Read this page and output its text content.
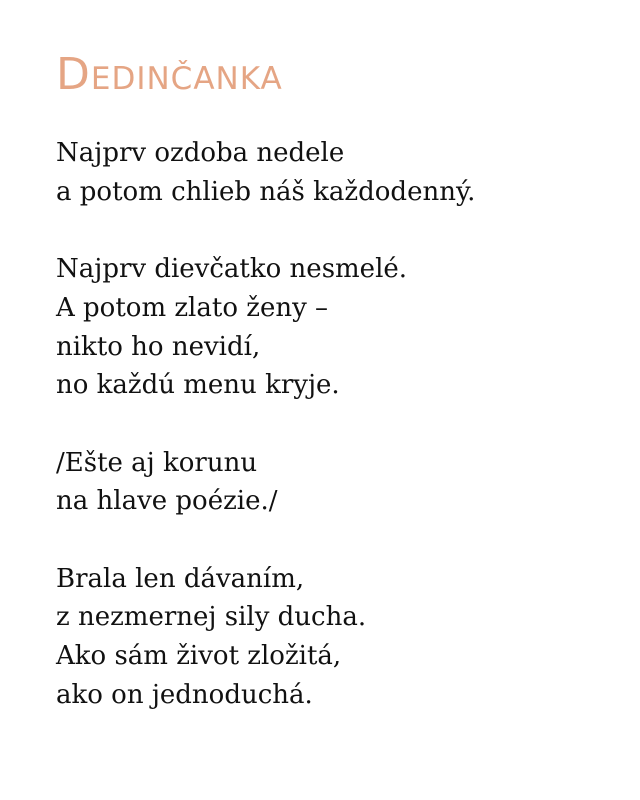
Dedinčanka

Najprv ozdoba nedele
a potom chlieb náš každodenný.

Najprv dievčatko nesmelé.
A potom zlato ženy –
nikto ho nevidí,
no každú menu kryje.

/Ešte aj korunu
na hlave poézie./

Brala len dávaním,
z nezmernej sily ducha.
Ako sám život zložitá,
ako on jednoduchá.
